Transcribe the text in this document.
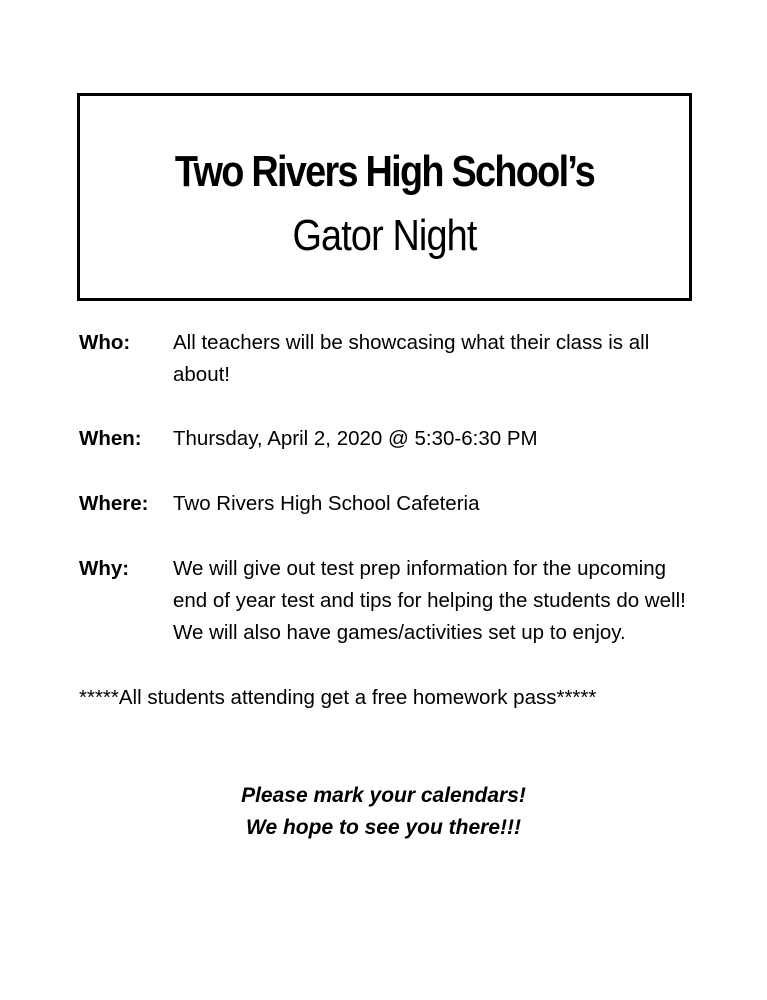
Two Rivers High School’s
Gator Night
Who: All teachers will be showcasing what their class is all about!
When: Thursday, April 2, 2020 @ 5:30-6:30 PM
Where: Two Rivers High School Cafeteria
Why: We will give out test prep information for the upcoming end of year test and tips for helping the students do well! We will also have games/activities set up to enjoy.
*****All students attending get a free homework pass*****
Please mark your calendars!
We hope to see you there!!!
